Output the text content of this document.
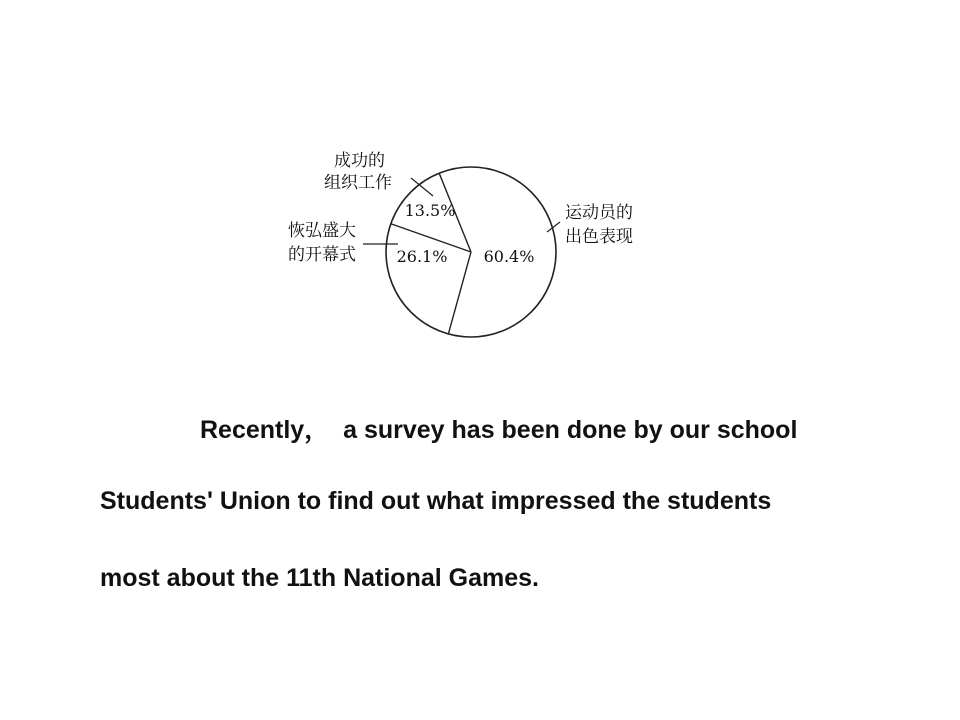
60.4%
26.1%
13.5%	运动员的
出色表现
恢弘盛大
的开幕式
成功的
组织工作
Recently，  a survey has been done by our school
Students' Union to find out what impressed the students
most about the 11th National Games.
